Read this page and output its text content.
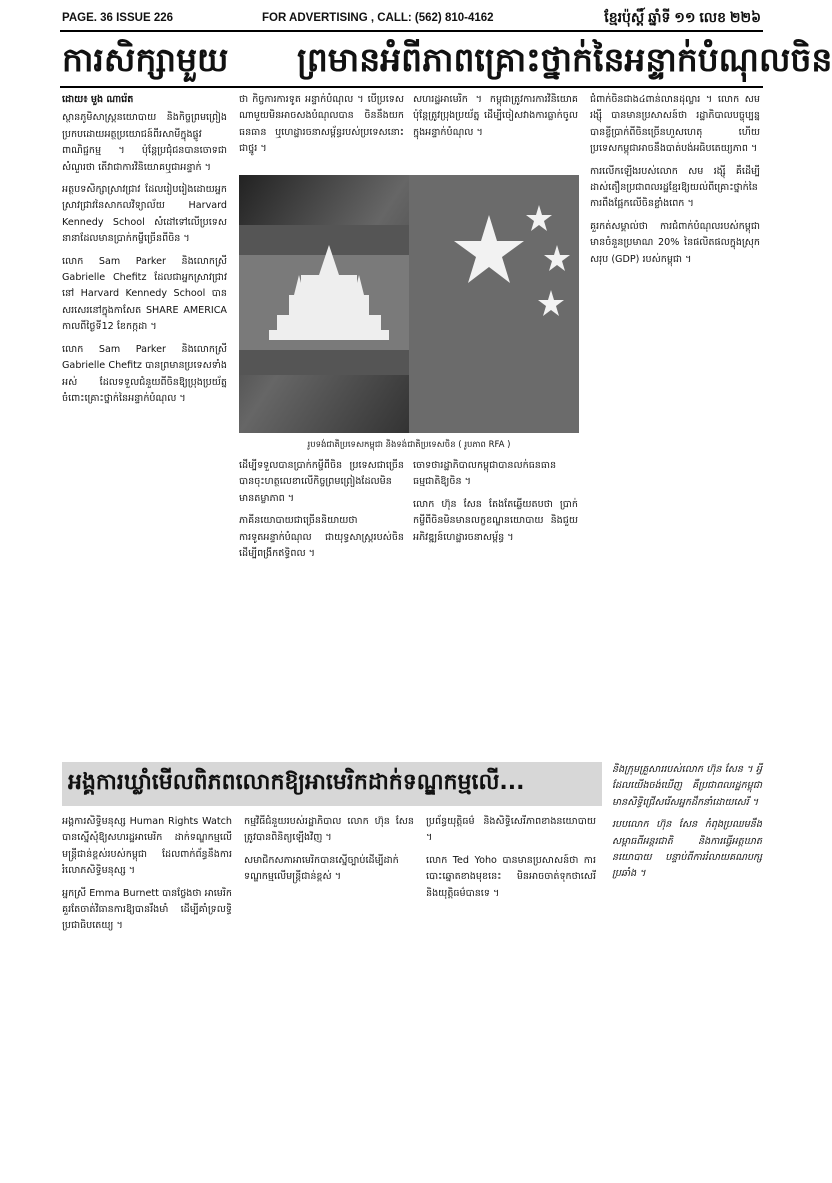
PAGE. 36 ISSUE 226	FOR ADVERTISING , CALL: (562) 810-4162	ខ្មែរប៉ុស្តិ៍ ឆ្នាំទី ១១ លេខ ២២៦
ការសិក្សាមួយ ព្រមានអំពីភាពគ្រោះថ្នាក់នៃអន្ទាក់បំណុលចិន
ដោយ៖ មួង ណារ៉េត

ស្ថានភូមិសាស្ត្រនយោបាយ និងកិច្ចព្រមព្រៀងប្រកបដោយអត្ថប្រយោជន៍ពីរសាមីក្នុងផ្លូវពាណិជ្ជកម្ម ។ ប៉ុន្តែប្រជុំជនបានចោទជាសំណួរថា តើវាជាការវិនិយោគឬជាអន្ទាក់ ។

អត្ថបទសិក្សាស្រាវជ្រាវ ដែលរៀបរៀងដោយអ្នកស្រាវជ្រាវនៃសាកលវិទ្យាល័យ Harvard Kennedy School សំដៅទៅលើប្រទេសនានាដែលមានប្រាក់កម្ចីច្រើនពីចិន ។

លោក Sam Parker និងលោកស្រី Gabrielle Chefitz ដែលជាអ្នកស្រាវជ្រាវនៅ Harvard Kennedy School បានសរសេរនៅក្នុងកាសែត SHARE AMERICA កាលពីថ្ងៃទី12 ខែកក្កដា ។

លោក Sam Parker និងលោកស្រី Gabrielle Chefitz បានព្រមានប្រទេសទាំងអស់ ដែលទទួលជំនួយពីចិនឱ្យប្រុងប្រយ័ត្នចំពោះគ្រោះថ្នាក់នៃអន្ទាក់បំណុល ។

ថា កិច្ចការការទូត អន្ទាក់បំណុល ។ បើប្រទេសណាមួយមិនអាចសងបំណុលបាន ចិននឹងយកធនធាន ឬហេដ្ឋារចនាសម្ព័ន្ធរបស់ប្រទេសនោះជាថ្នូរ ។

សហរដ្ឋអាមេរិក ។ កម្ពុជាត្រូវការការវិនិយោគ ប៉ុន្តែត្រូវប្រុងប្រយ័ត្ន ដើម្បីចៀសវាងការធ្លាក់ចូលក្នុងអន្ទាក់បំណុល ។

រូបទង់ជាតិប្រទេសកម្ពុជា និងទង់ជាតិប្រទេសចិន ( រូបភាព RFA )

ដើម្បីទទួលបានប្រាក់កម្ចីពីចិន ប្រទេសជាច្រើនបានចុះហត្ថលេខាលើកិច្ចព្រមព្រៀងដែលមិនមានតម្លាភាព ។

ភាគីនយោបាយជាច្រើននិយាយថា ការទូតអន្ទាក់បំណុល ជាយុទ្ធសាស្ត្ររបស់ចិនដើម្បីពង្រីកឥទ្ធិពល ។

ចោទថារដ្ឋាភិបាលកម្ពុជាបានលក់ធនធានធម្មជាតិឱ្យចិន ។

លោក ហ៊ុន សែន តែងតែឆ្លើយតបថា ប្រាក់កម្ចីពីចិនមិនមានលក្ខខណ្ឌនយោបាយ និងជួយអភិវឌ្ឍន៍ហេដ្ឋារចនាសម្ព័ន្ធ ។

ជំពាក់ចិនជាង៤ពាន់លានដុល្លារ ។ លោក សម រង្ស៊ី បានមានប្រសាសន៍ថា រដ្ឋាភិបាលបច្ចុប្បន្នបានខ្ចីប្រាក់ពីចិនច្រើនហួសហេតុ ហើយប្រទេសកម្ពុជាអាចនឹងបាត់បង់អធិបតេយ្យភាព ។

ការលើកឡើងរបស់លោក សម រង្ស៊ី គឺដើម្បីដាស់តឿនប្រជាពលរដ្ឋខ្មែរឱ្យយល់ពីគ្រោះថ្នាក់នៃការពឹងផ្អែកលើចិនខ្លាំងពេក ។

គួរកត់សម្គាល់ថា ការជំពាក់បំណុលរបស់កម្ពុជាមានចំនួនប្រមាណ 20% នៃផលិតផលក្នុងស្រុកសរុប (GDP) របស់កម្ពុជា ។

អង្គការឃ្លាំមើលពិភពលោកឱ្យអាមេរិកដាក់ទណ្ឌកម្មលើ...

អង្គការសិទ្ធិមនុស្ស Human Rights Watch បានស្នើសុំឱ្យសហរដ្ឋអាមេរិក ដាក់ទណ្ឌកម្មលើមន្ត្រីជាន់ខ្ពស់របស់កម្ពុជា ដែលពាក់ព័ន្ធនឹងការរំលោភសិទ្ធិមនុស្ស ។

អ្នកស្រី Emma Burnett បានថ្លែងថា អាមេរិកគួរតែចាត់វិធានការឱ្យបានរឹងមាំ ដើម្បីគាំទ្រលទ្ធិប្រជាធិបតេយ្យ ។

កម្មវិធីជំនួយរបស់រដ្ឋាភិបាល លោក ហ៊ុន សែន ត្រូវបានពិនិត្យឡើងវិញ ។

សមាជិកសភាអាមេរិកបានស្នើច្បាប់ដើម្បីដាក់ទណ្ឌកម្មលើមន្ត្រីជាន់ខ្ពស់ ។

ប្រព័ន្ធយុត្តិធម៌ និងសិទ្ធិសេរីភាពខាងនយោបាយ ។

លោក Ted Yoho បានមានប្រសាសន៍ថា ការបោះឆ្នោតខាងមុខនេះ មិនអាចចាត់ទុកថាសេរី និងយុត្តិធម៌បានទេ ។

និងក្រុមគ្រួសាររបស់លោក ហ៊ុន សែន ។ អ្វីដែលយើងចង់ឃើញ គឺប្រជាពលរដ្ឋកម្ពុជាមានសិទ្ធិជ្រើសរើសអ្នកដឹកនាំដោយសេរី ។

របបលោក ហ៊ុន សែន កំពុងប្រឈមនឹងសម្ពាធពីអន្តរជាតិ និងការធ្វើអត្តឃាតនយោបាយ បន្ទាប់ពីការរំលាយគណបក្សប្រឆាំង ។
